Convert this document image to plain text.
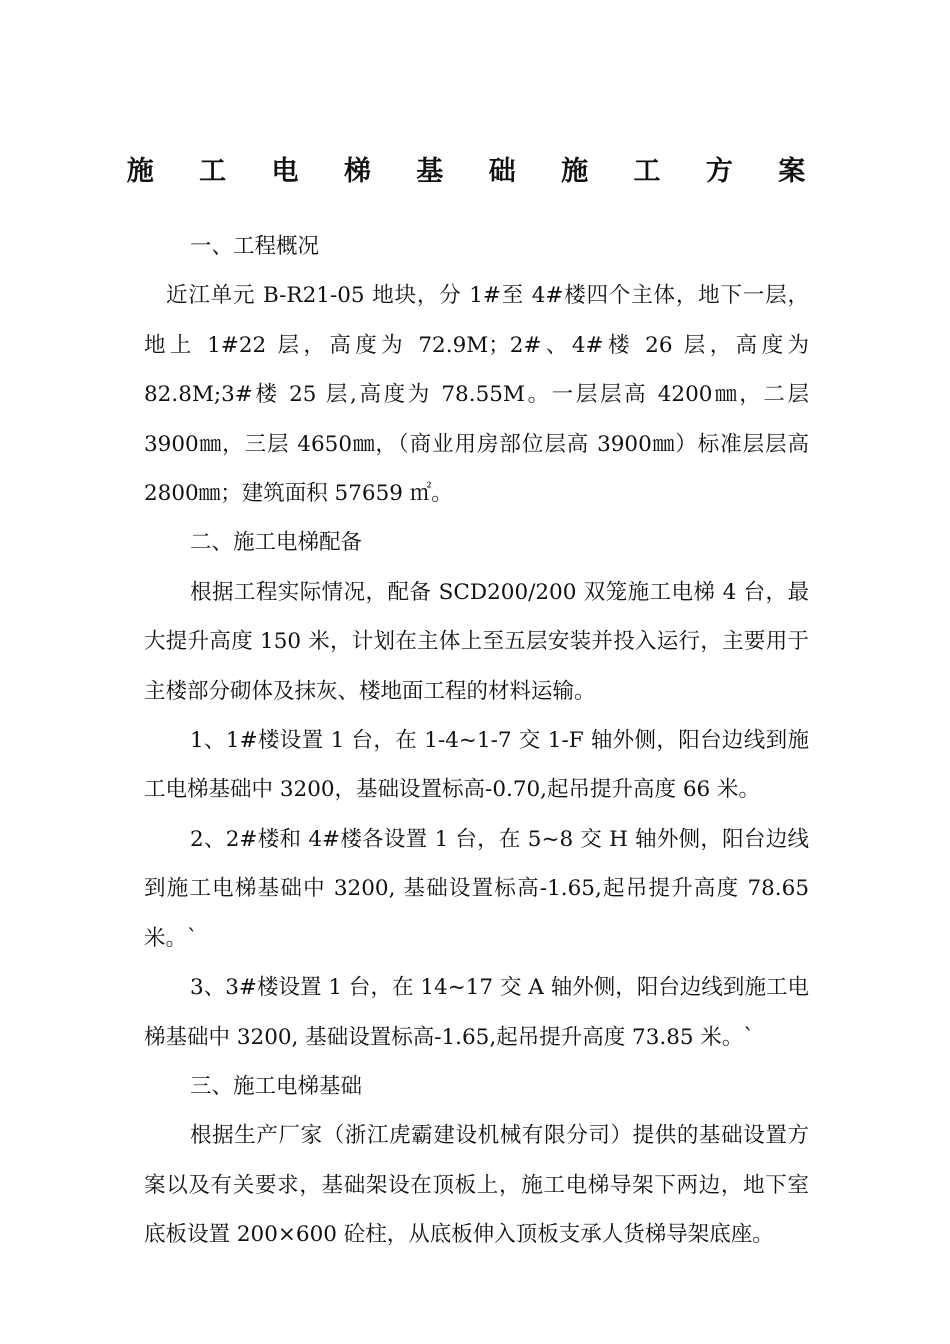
施 工 电 梯 基 础 施 工 方 案

一、工程概况

近江单元 B-R21-05 地块，分 1#至 4#楼四个主体，地下一层，地上 1#22 层，高度为 72.9M；2#、4#楼 26 层，高度为 82.8M;3#楼 25 层,高度为 78.55M。一层层高 4200㎜，二层 3900㎜，三层 4650㎜，（商业用房部位层高 3900㎜）标准层层高 2800㎜；建筑面积 57659 ㎡。

二、施工电梯配备

根据工程实际情况，配备 SCD200/200 双笼施工电梯 4 台，最大提升高度 150 米，计划在主体上至五层安装并投入运行，主要用于主楼部分砌体及抹灰、楼地面工程的材料运输。

1、1#楼设置 1 台，在 1-4~1-7 交 1-F 轴外侧，阳台边线到施工电梯基础中 3200，基础设置标高-0.70,起吊提升高度 66 米。

2、2#楼和 4#楼各设置 1 台，在 5~8 交 H 轴外侧，阳台边线到施工电梯基础中 3200, 基础设置标高-1.65,起吊提升高度 78.65 米。`

3、3#楼设置 1 台，在 14~17 交 A 轴外侧，阳台边线到施工电梯基础中 3200, 基础设置标高-1.65,起吊提升高度 73.85 米。`

三、施工电梯基础

根据生产厂家（浙江虎霸建设机械有限分司）提供的基础设置方案以及有关要求，基础架设在顶板上，施工电梯导架下两边，地下室底板设置 200×600 砼柱，从底板伸入顶板支承人货梯导架底座。
